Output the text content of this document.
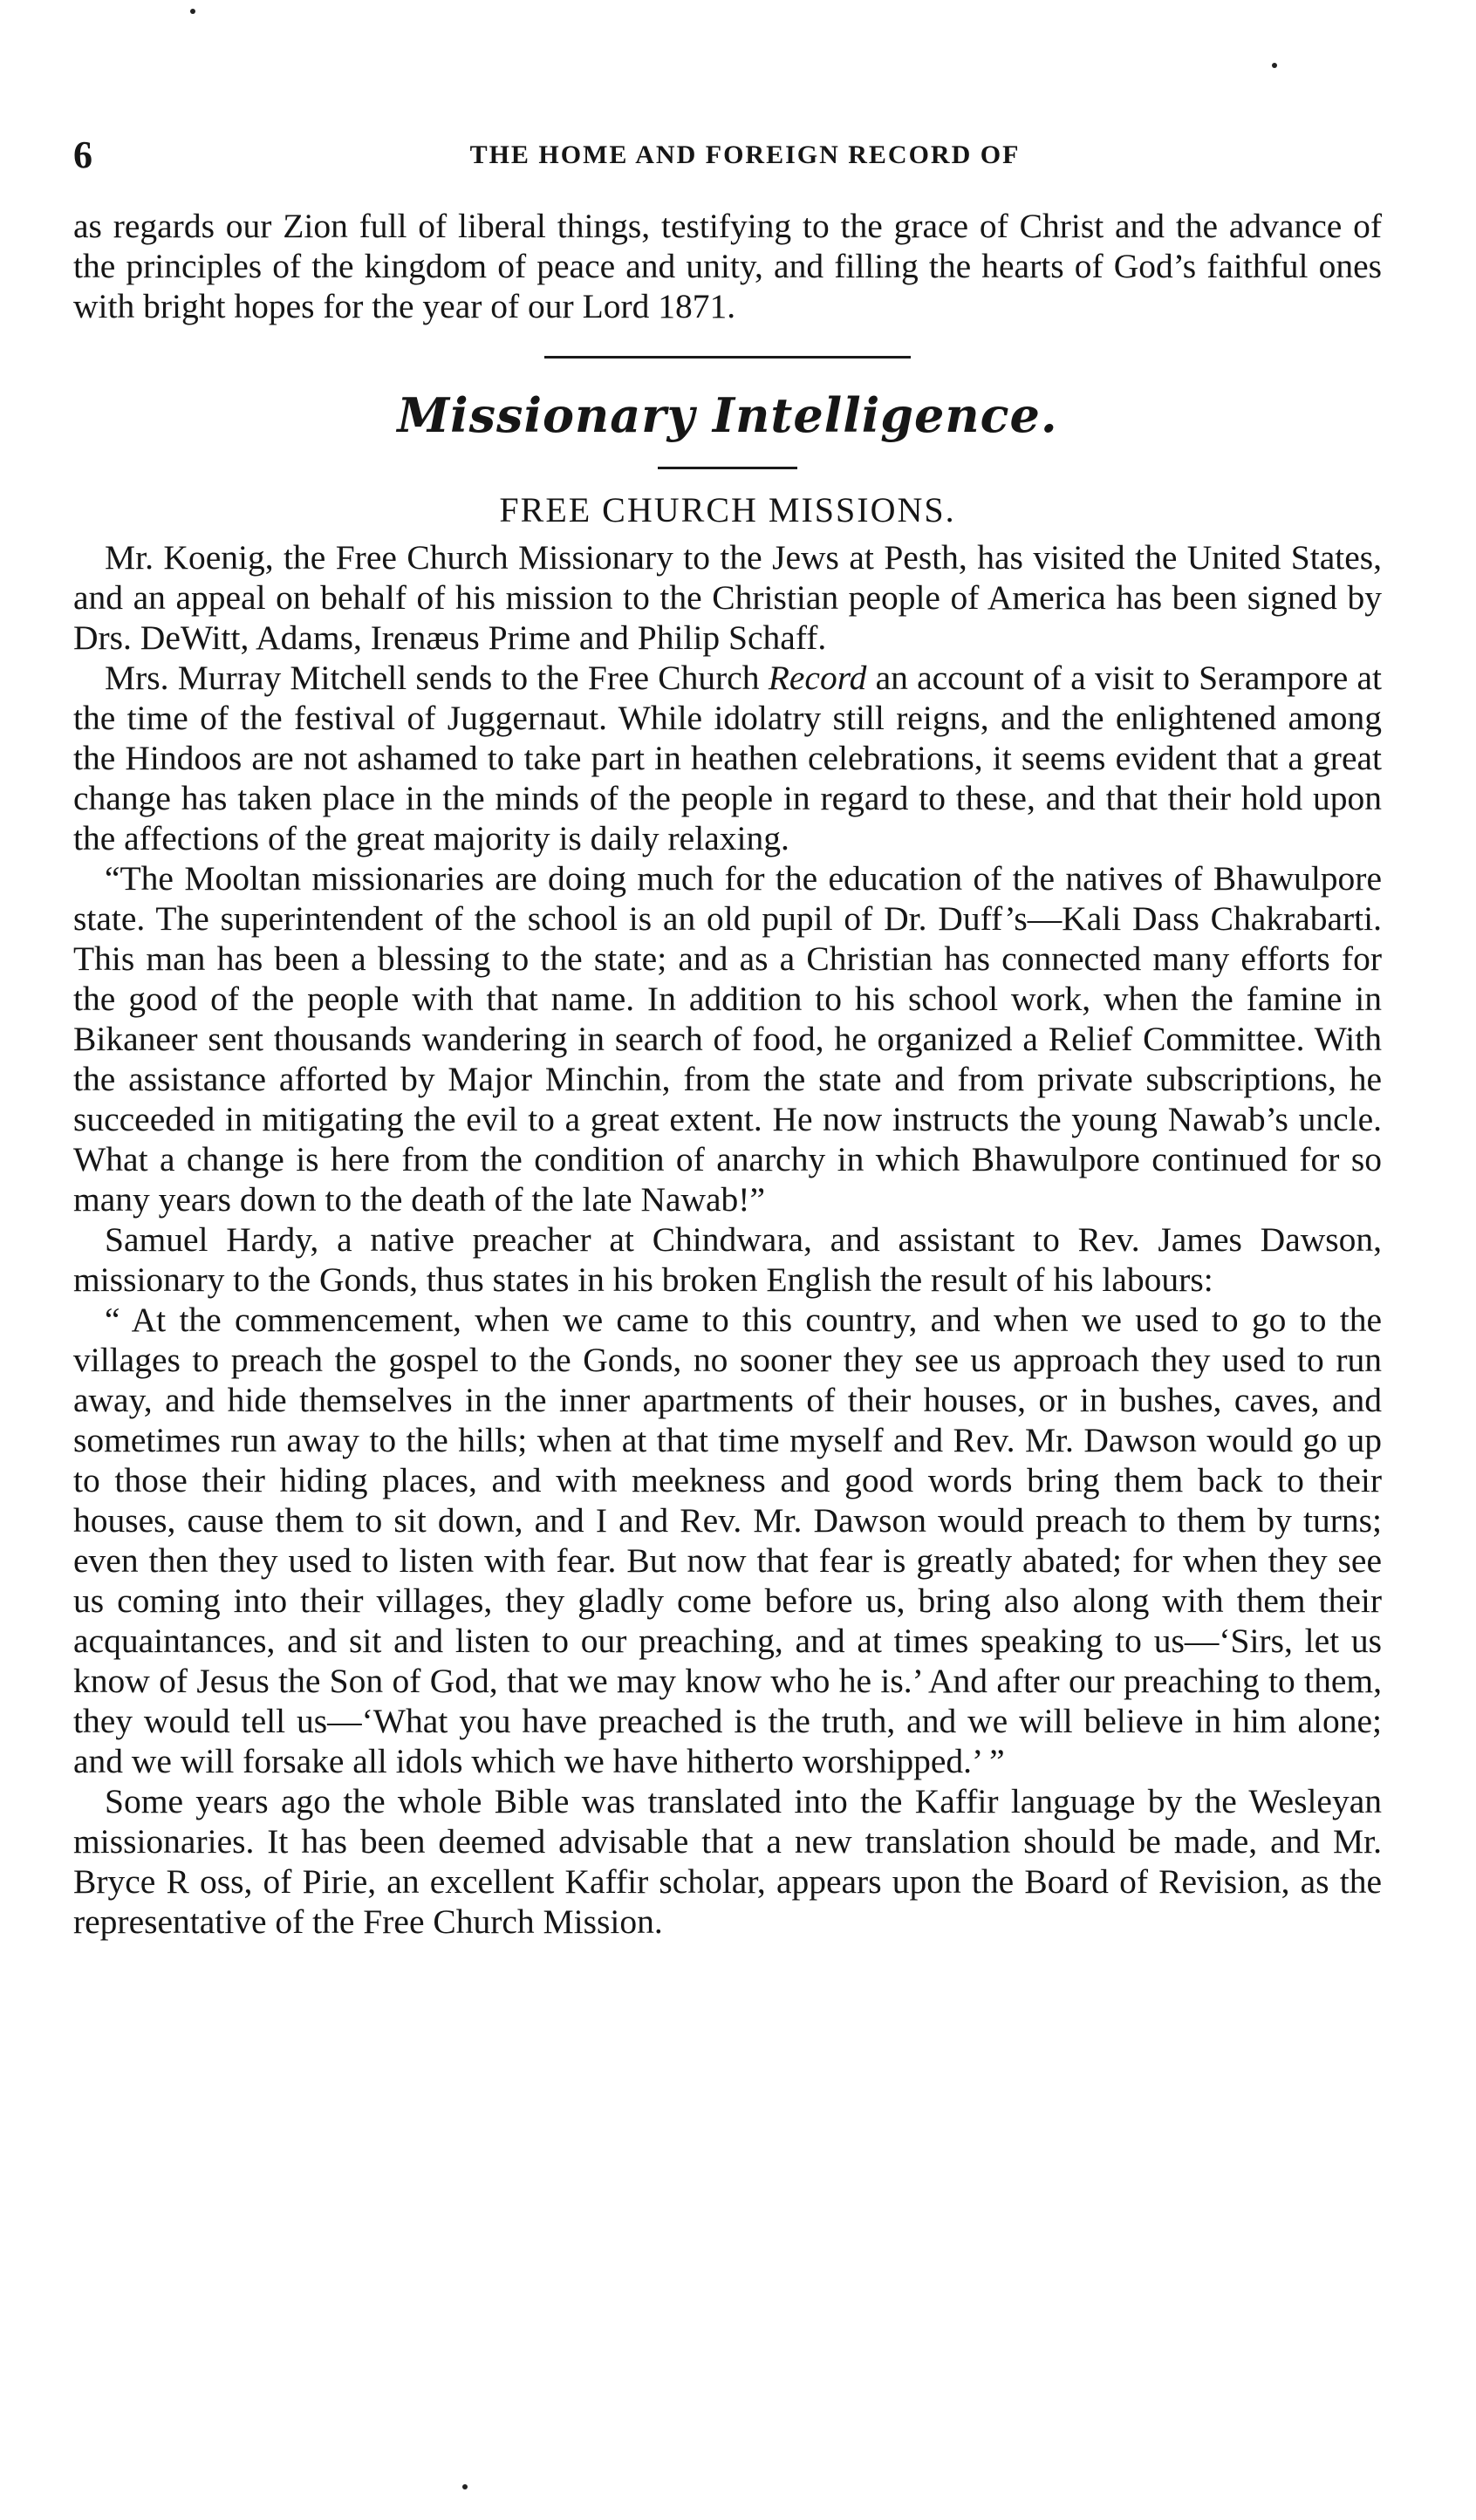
6	THE HOME AND FOREIGN RECORD OF

as regards our Zion full of liberal things, testifying to the grace of Christ and the advance of the principles of the kingdom of peace and unity, and filling the hearts of God’s faithful ones with bright hopes for the year of our Lord 1871.

Missionary Intelligence.
FREE CHURCH MISSIONS.

Mr. Koenig, the Free Church Missionary to the Jews at Pesth, has visited the United States, and an appeal on behalf of his mission to the Christian people of America has been signed by Drs. DeWitt, Adams, Irenæus Prime and Philip Schaff.

Mrs. Murray Mitchell sends to the Free Church Record an account of a visit to Serampore at the time of the festival of Juggernaut. While idolatry still reigns, and the enlightened among the Hindoos are not ashamed to take part in heathen celebrations, it seems evident that a great change has taken place in the minds of the people in regard to these, and that their hold upon the affections of the great majority is daily relaxing.

“The Mooltan missionaries are doing much for the education of the natives of Bhawulpore state. The superintendent of the school is an old pupil of Dr. Duff’s—Kali Dass Chakrabarti. This man has been a blessing to the state; and as a Christian has connected many efforts for the good of the people with that name. In addition to his school work, when the famine in Bikaneer sent thousands wandering in search of food, he organized a Relief Committee. With the assistance afforted by Major Minchin, from the state and from private subscriptions, he succeeded in mitigating the evil to a great extent. He now instructs the young Nawab’s uncle. What a change is here from the condition of anarchy in which Bhawulpore continued for so many years down to the death of the late Nawab!”

Samuel Hardy, a native preacher at Chindwara, and assistant to Rev. James Dawson, missionary to the Gonds, thus states in his broken English the result of his labours:

“ At the commencement, when we came to this country, and when we used to go to the villages to preach the gospel to the Gonds, no sooner they see us approach they used to run away, and hide themselves in the inner apartments of their houses, or in bushes, caves, and sometimes run away to the hills; when at that time myself and Rev. Mr. Dawson would go up to those their hiding places, and with meekness and good words bring them back to their houses, cause them to sit down, and I and Rev. Mr. Dawson would preach to them by turns; even then they used to listen with fear. But now that fear is greatly abated; for when they see us coming into their villages, they gladly come before us, bring also along with them their acquaintances, and sit and listen to our preaching, and at times speaking to us—‘Sirs, let us know of Jesus the Son of God, that we may know who he is.’ And after our preaching to them, they would tell us—‘What you have preached is the truth, and we will believe in him alone; and we will forsake all idols which we have hitherto worshipped.’ ”

Some years ago the whole Bible was translated into the Kaffir language by the Wesleyan missionaries. It has been deemed advisable that a new translation should be made, and Mr. Bryce R oss, of Pirie, an excellent Kaffir scholar, appears upon the Board of Revision, as the representative of the Free Church Mission.
